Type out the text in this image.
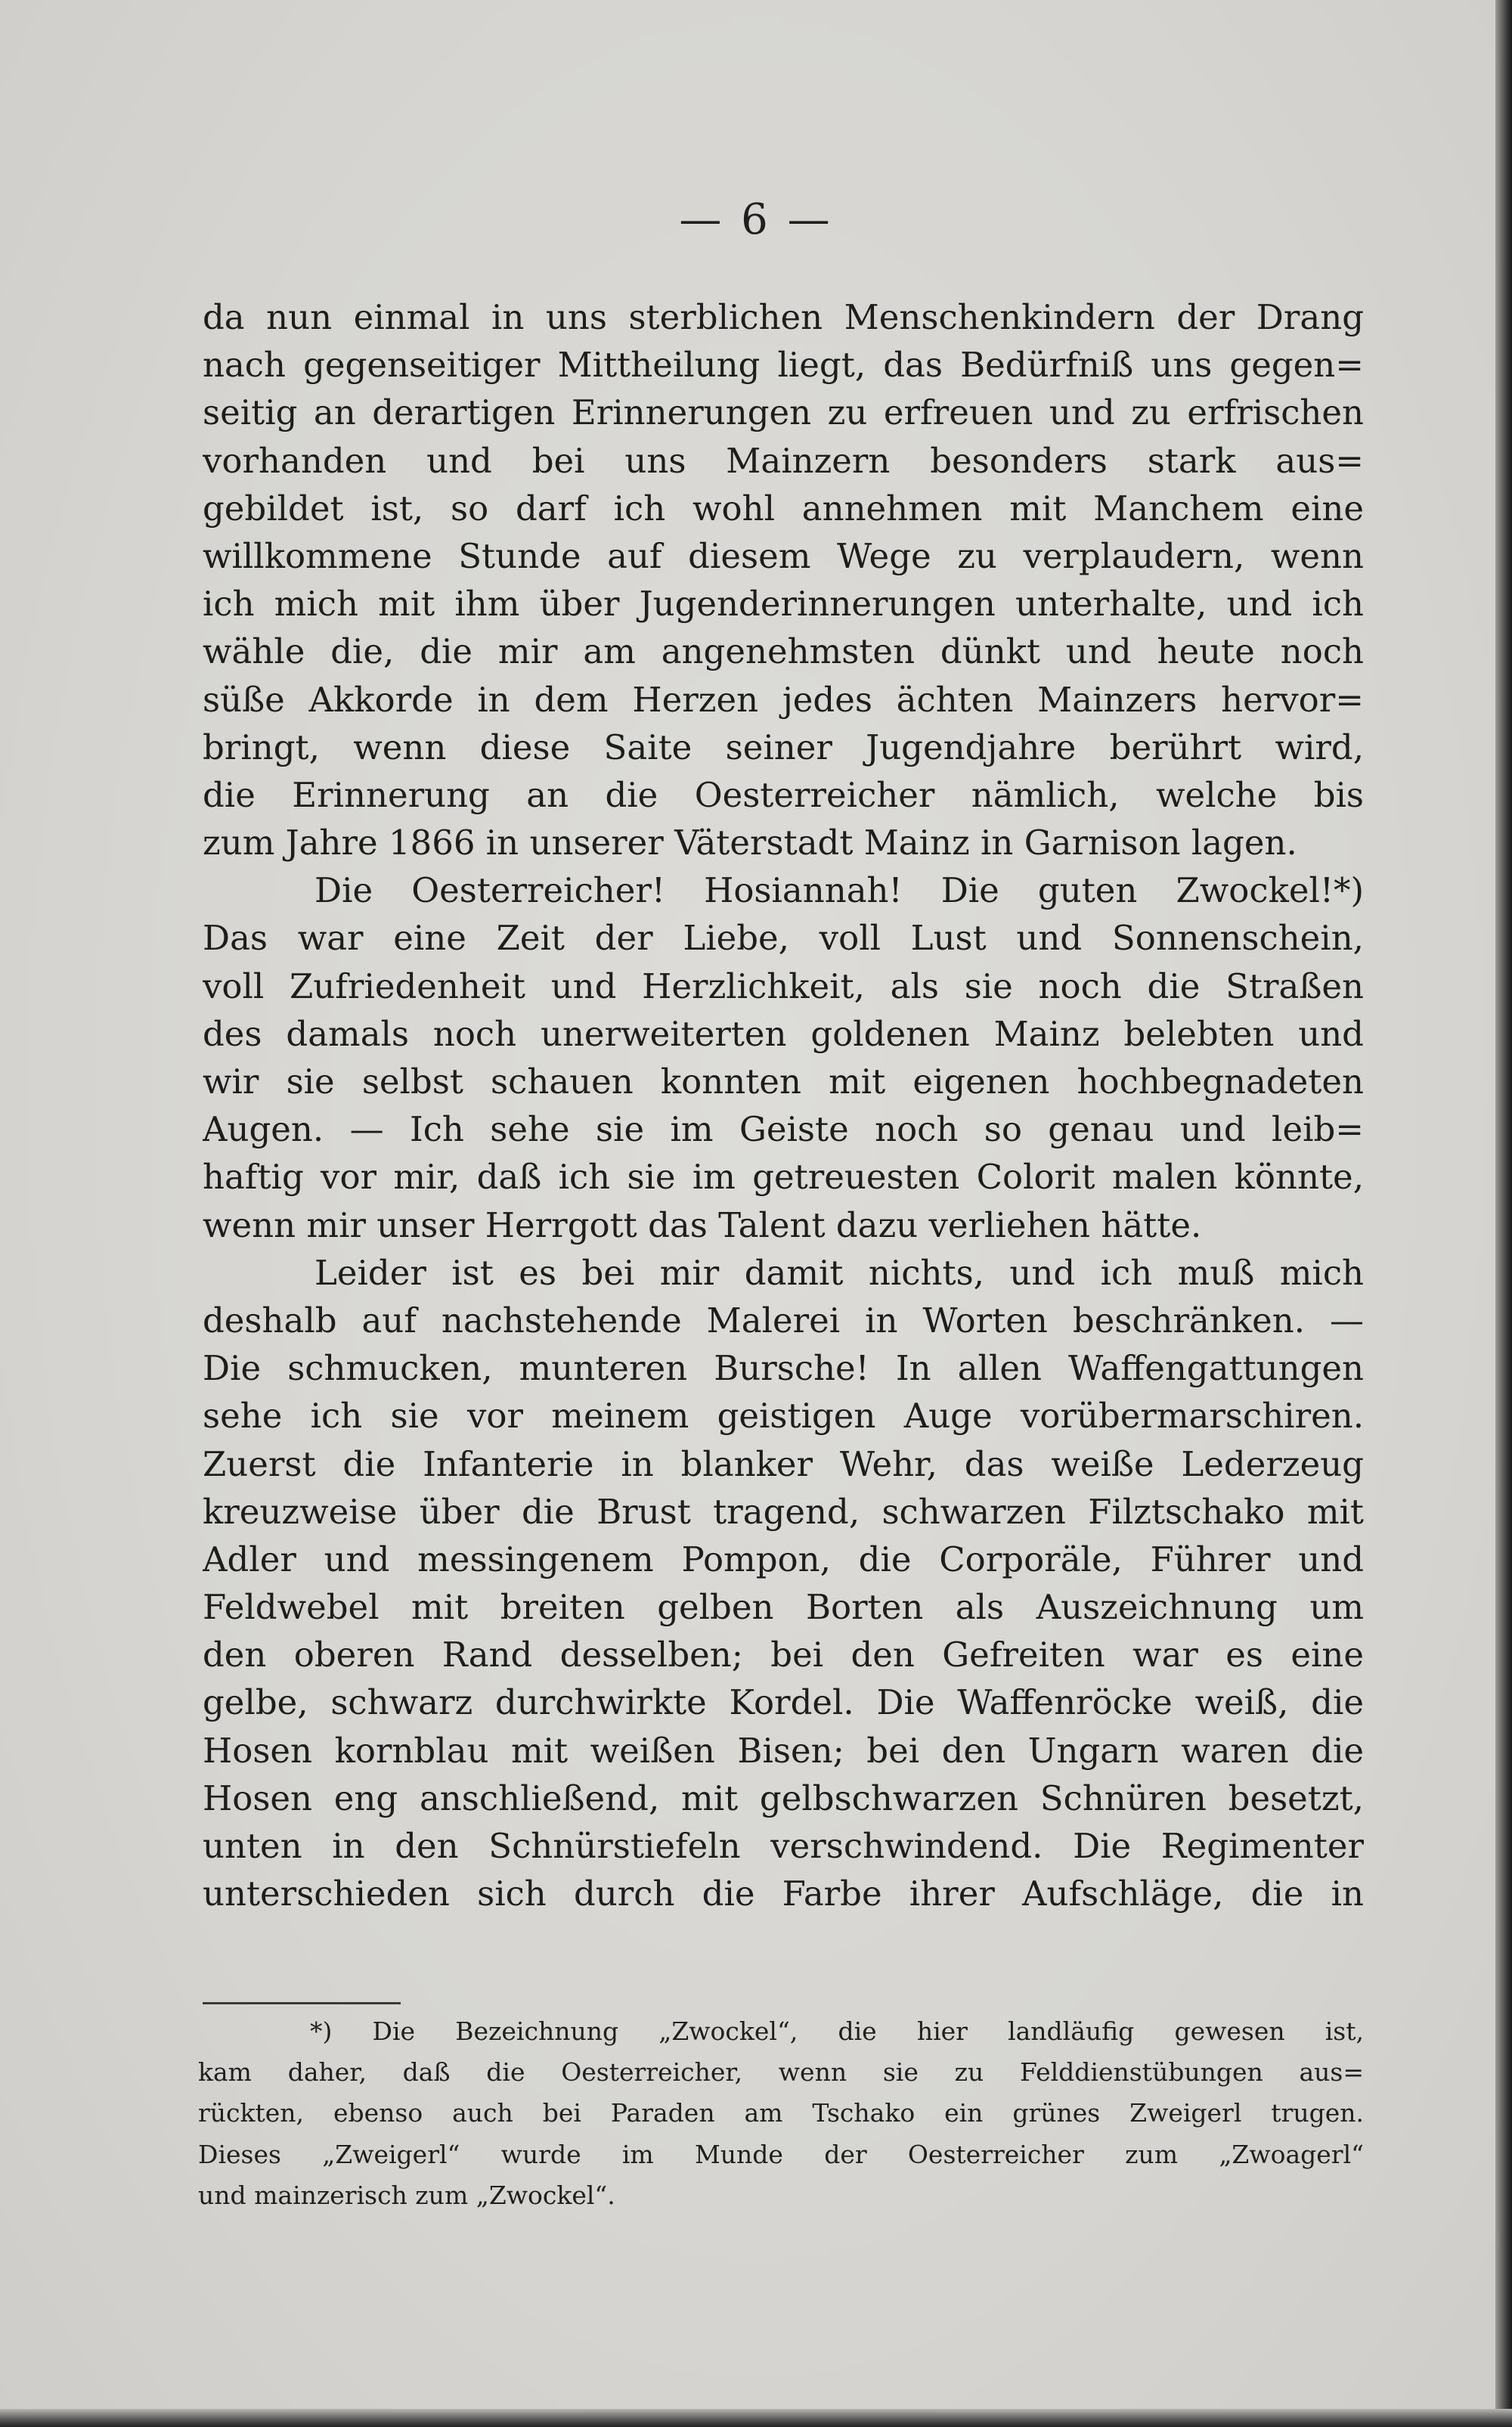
— 6 —
da nun einmal in uns sterblichen Menschenkindern der Drang
nach gegenseitiger Mittheilung liegt, das Bedürfniß uns gegen=
seitig an derartigen Erinnerungen zu erfreuen und zu erfrischen
vorhanden und bei uns Mainzern besonders stark aus=
gebildet ist, so darf ich wohl annehmen mit Manchem eine
willkommene Stunde auf diesem Wege zu verplaudern, wenn
ich mich mit ihm über Jugenderinnerungen unterhalte, und ich
wähle die, die mir am angenehmsten dünkt und heute noch
süße Akkorde in dem Herzen jedes ächten Mainzers hervor=
bringt, wenn diese Saite seiner Jugendjahre berührt wird,
die Erinnerung an die Oesterreicher nämlich, welche bis
zum Jahre 1866 in unserer Väterstadt Mainz in Garnison lagen.
Die Oesterreicher! Hosiannah! Die guten Zwockel!*)
Das war eine Zeit der Liebe, voll Lust und Sonnenschein,
voll Zufriedenheit und Herzlichkeit, als sie noch die Straßen
des damals noch unerweiterten goldenen Mainz belebten und
wir sie selbst schauen konnten mit eigenen hochbegnadeten
Augen. — Ich sehe sie im Geiste noch so genau und leib=
haftig vor mir, daß ich sie im getreuesten Colorit malen könnte,
wenn mir unser Herrgott das Talent dazu verliehen hätte.
Leider ist es bei mir damit nichts, und ich muß mich
deshalb auf nachstehende Malerei in Worten beschränken. —
Die schmucken, munteren Bursche! In allen Waffengattungen
sehe ich sie vor meinem geistigen Auge vorübermarschiren.
Zuerst die Infanterie in blanker Wehr, das weiße Lederzeug
kreuzweise über die Brust tragend, schwarzen Filztschako mit
Adler und messingenem Pompon, die Corporäle, Führer und
Feldwebel mit breiten gelben Borten als Auszeichnung um
den oberen Rand desselben; bei den Gefreiten war es eine
gelbe, schwarz durchwirkte Kordel. Die Waffenröcke weiß, die
Hosen kornblau mit weißen Bisen; bei den Ungarn waren die
Hosen eng anschließend, mit gelbschwarzen Schnüren besetzt,
unten in den Schnürstiefeln verschwindend. Die Regimenter
unterschieden sich durch die Farbe ihrer Aufschläge, die in
*) Die Bezeichnung „Zwockel“, die hier landläufig gewesen ist,
kam daher, daß die Oesterreicher, wenn sie zu Felddienstübungen aus=
rückten, ebenso auch bei Paraden am Tschako ein grünes Zweigerl trugen.
Dieses „Zweigerl“ wurde im Munde der Oesterreicher zum „Zwoagerl“
und mainzerisch zum „Zwockel“.
